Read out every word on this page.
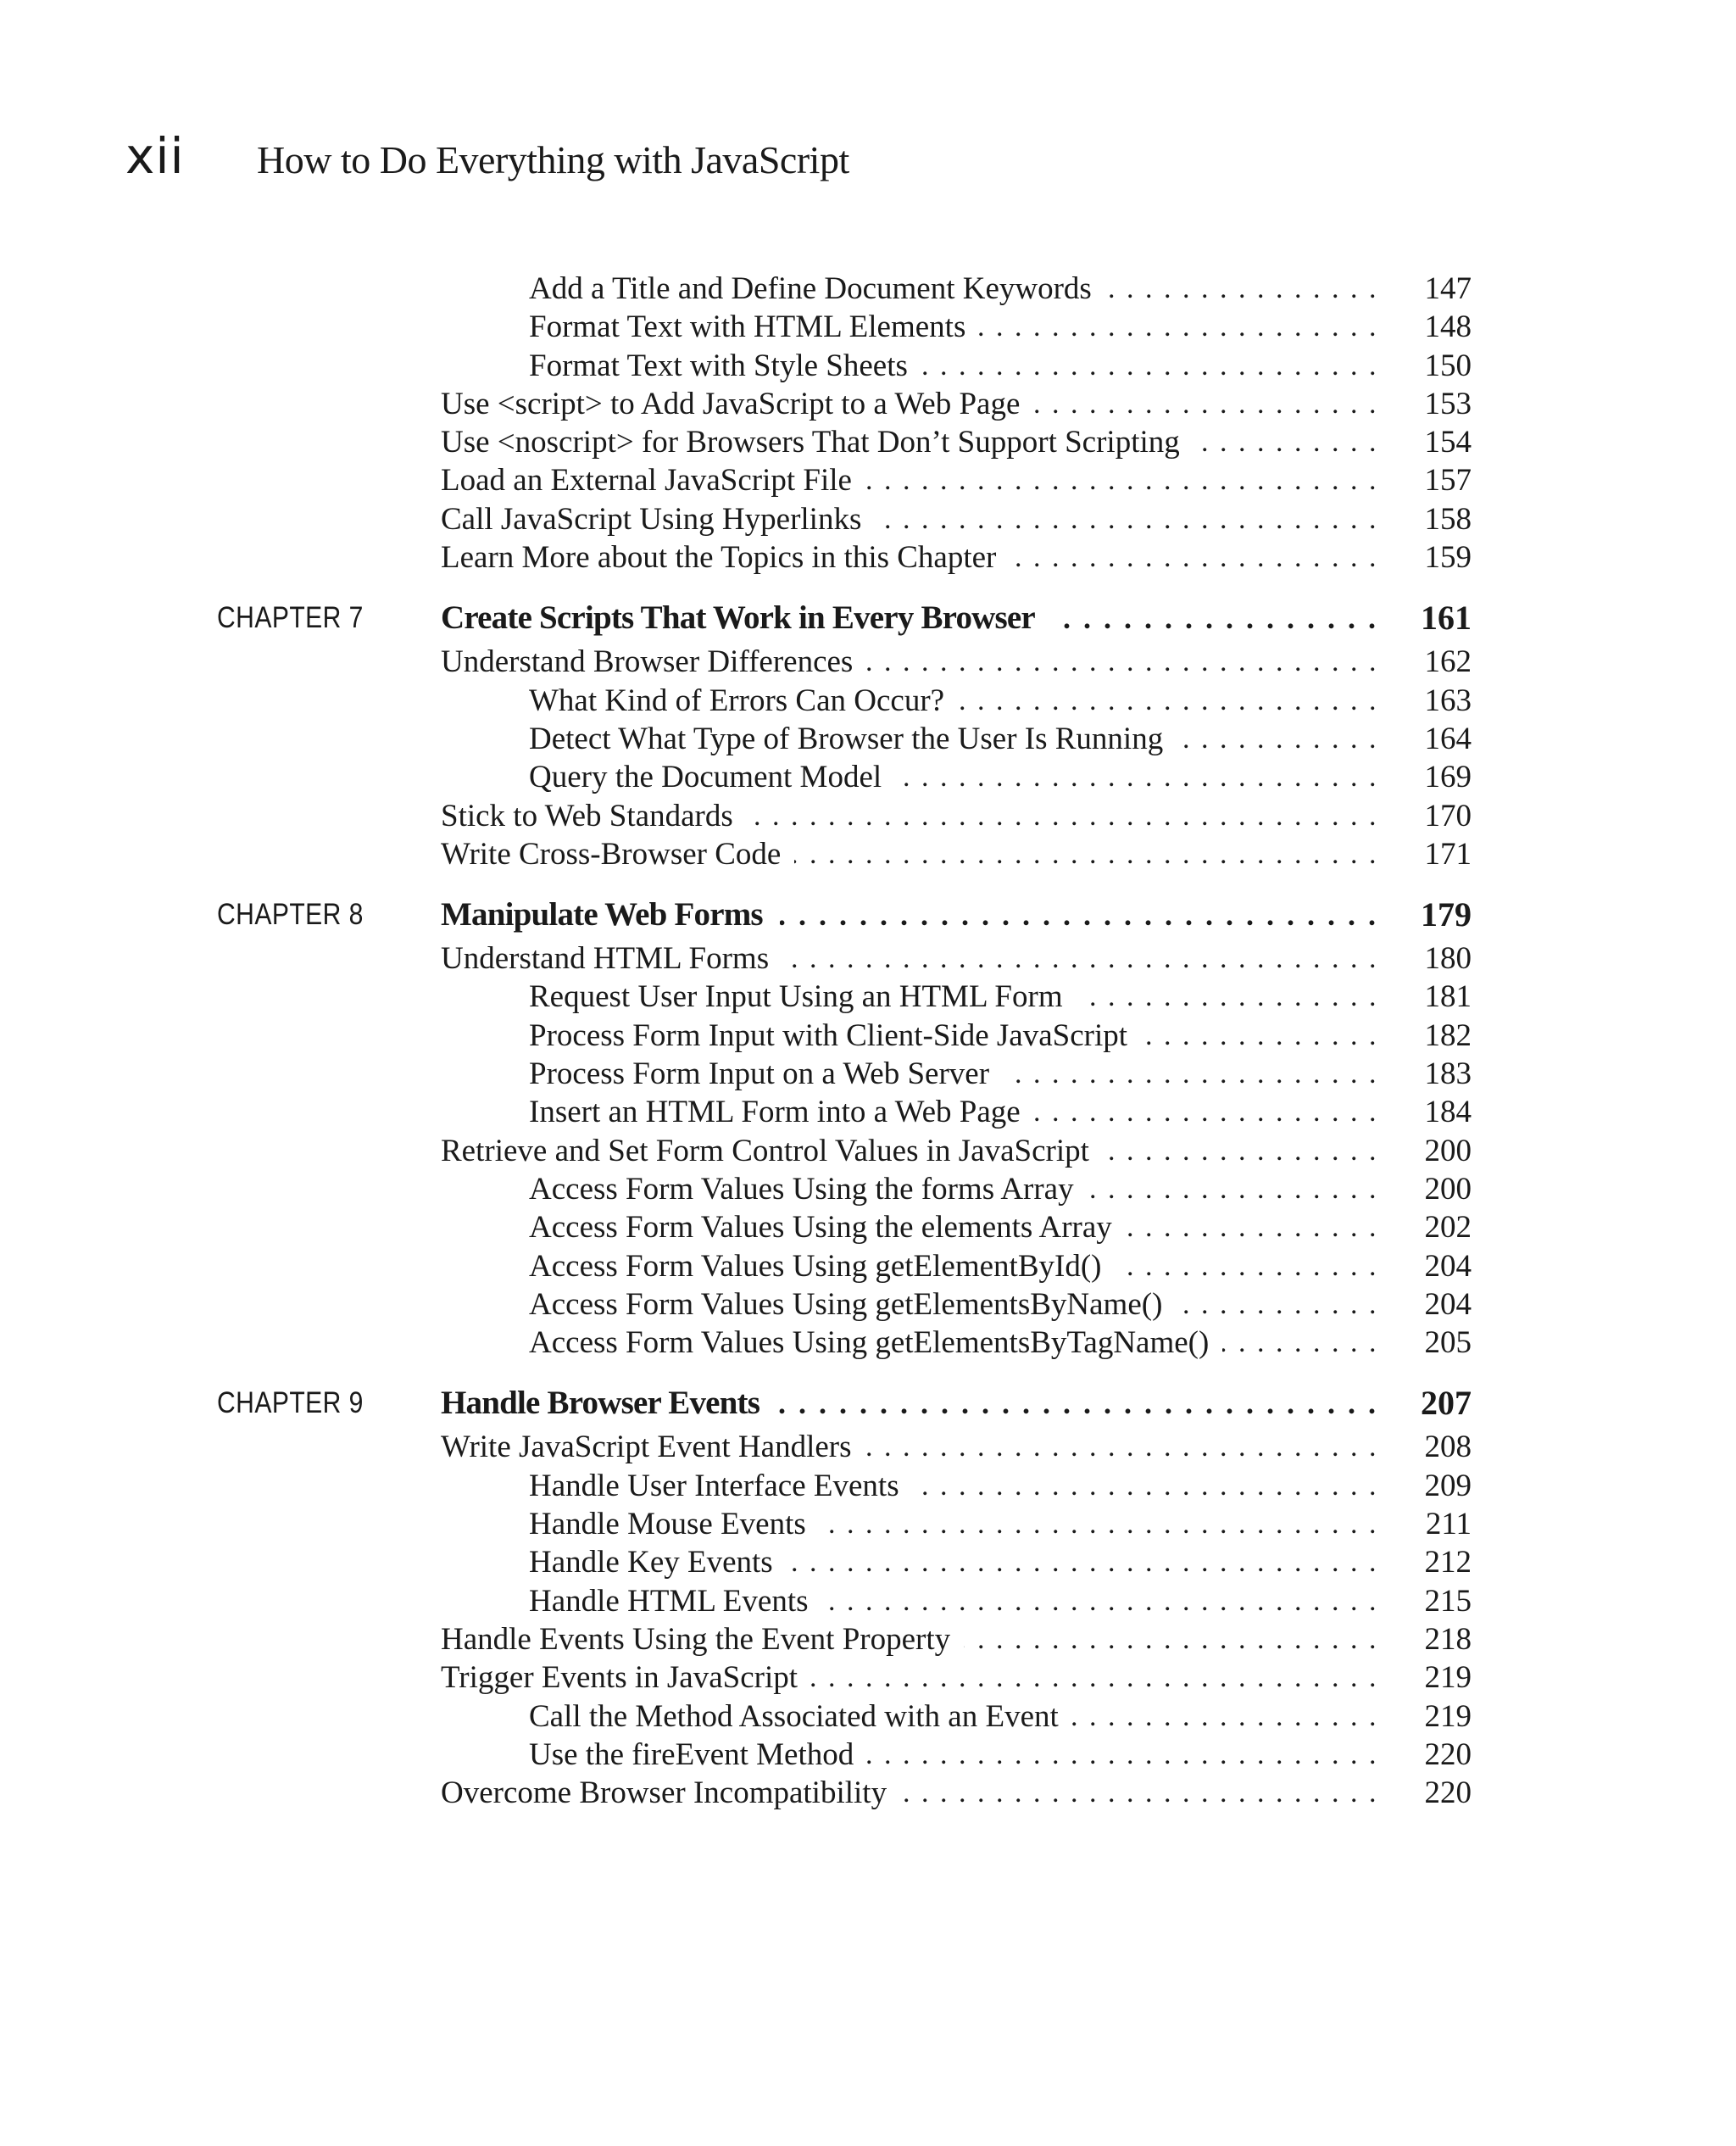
xii	How to Do Everything with JavaScript
Add a Title and Define Document Keywords . . .	147
Format Text with HTML Elements . . .	148
Format Text with Style Sheets . . .	150
Use <script> to Add JavaScript to a Web Page . . .	153
Use <noscript> for Browsers That Don’t Support Scripting . . .	154
Load an External JavaScript File . . .	157
Call JavaScript Using Hyperlinks . . .	158
Learn More about the Topics in this Chapter . . .	159
CHAPTER 7 Create Scripts That Work in Every Browser . . .	161
Understand Browser Differences . . .	162
What Kind of Errors Can Occur? . . .	163
Detect What Type of Browser the User Is Running . . .	164
Query the Document Model . . .	169
Stick to Web Standards . . .	170
Write Cross-Browser Code . . .	171
CHAPTER 8 Manipulate Web Forms . . .	179
Understand HTML Forms . . .	180
Request User Input Using an HTML Form . . .	181
Process Form Input with Client-Side JavaScript . . .	182
Process Form Input on a Web Server . . .	183
Insert an HTML Form into a Web Page . . .	184
Retrieve and Set Form Control Values in JavaScript . . .	200
Access Form Values Using the forms Array . . .	200
Access Form Values Using the elements Array . . .	202
Access Form Values Using getElementById() . . .	204
Access Form Values Using getElementsByName() . . .	204
Access Form Values Using getElementsByTagName() . . .	205
CHAPTER 9 Handle Browser Events . . .	207
Write JavaScript Event Handlers . . .	208
Handle User Interface Events . . .	209
Handle Mouse Events . . .	211
Handle Key Events . . .	212
Handle HTML Events . . .	215
Handle Events Using the Event Property . . .	218
Trigger Events in JavaScript . . .	219
Call the Method Associated with an Event . . .	219
Use the fireEvent Method . . .	220
Overcome Browser Incompatibility . . .	220
